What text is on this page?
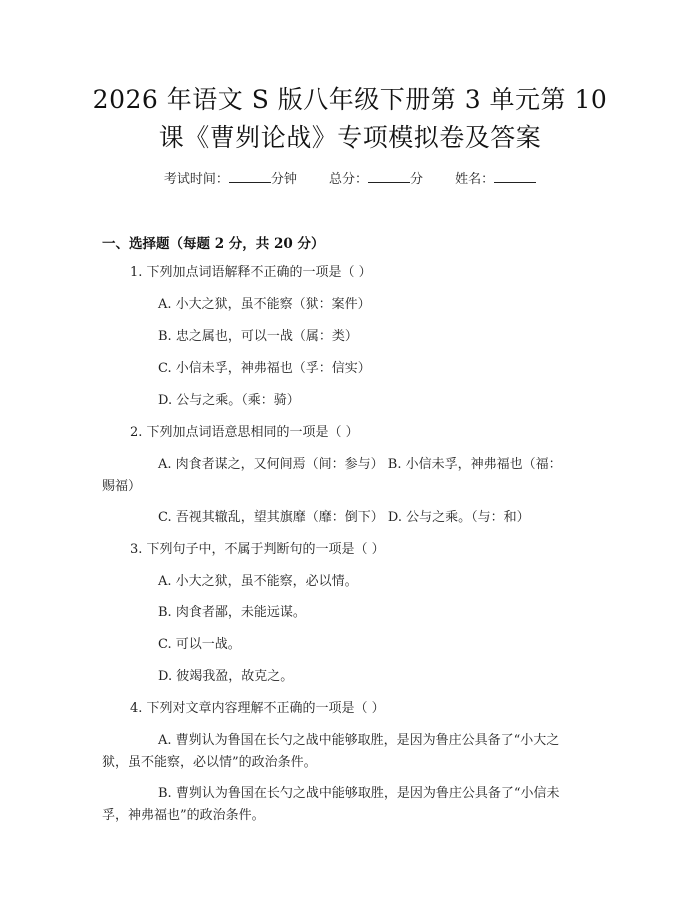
2026 年语文 S 版八年级下册第 3 单元第 10
课《曹刿论战》专项模拟卷及答案
考试时间：	分钟 总分：	分 姓名：
一、选择题（每题 2 分，共 20 分）
1. 下列加点词语解释不正确的一项是（ ）
A. 小大之狱，虽不能察（狱：案件）
B. 忠之属也，可以一战（属：类）
C. 小信未孚，神弗福也（孚：信实）
D. 公与之乘。（乘：骑）
2. 下列加点词语意思相同的一项是（ ）
A. 肉食者谋之，又何间焉（间：参与） B. 小信未孚，神弗福也（福：
赐福）
C. 吾视其辙乱，望其旗靡（靡：倒下） D. 公与之乘。（与：和）
3. 下列句子中，不属于判断句的一项是（ ）
A. 小大之狱，虽不能察，必以情。
B. 肉食者鄙，未能远谋。
C. 可以一战。
D. 彼竭我盈，故克之。
4. 下列对文章内容理解不正确的一项是（ ）
A. 曹刿认为鲁国在长勺之战中能够取胜，是因为鲁庄公具备了“小大之
狱，虽不能察，必以情”的政治条件。
B. 曹刿认为鲁国在长勺之战中能够取胜，是因为鲁庄公具备了“小信未
孚，神弗福也”的政治条件。
